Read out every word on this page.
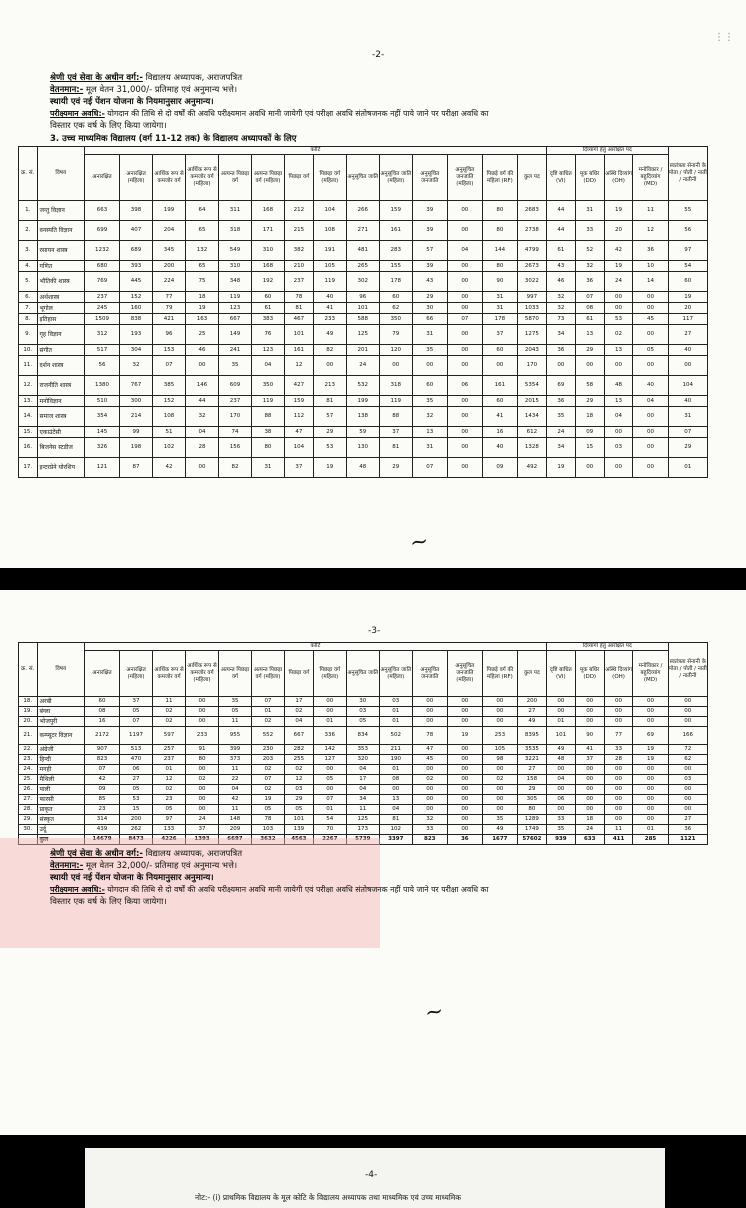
-2-
⋮⋮
श्रेणी एवं सेवा के अधीन वर्ग:- विद्यालय अध्यापक, अराजपत्रित
वेतनमान:- मूल वेतन 31,000/- प्रतिमाह एवं अनुमान्य भत्ते।
स्थायी एवं नई पेंशन योजना के नियमानुसार अनुमान्य।
परीक्ष्यमान अवधि:- योगदान की तिथि से दो वर्षों की अवधि परीक्ष्यमान अवधि मानी जायेगी एवं परीक्षा अवधि संतोषजनक नहीं पाये जाने पर परीक्षा अवधि का
विस्तार एक वर्ष के लिए किया जायेगा।
3. उच्च माध्यमिक विद्यालय (वर्ग 11-12 तक) के विद्यालय अध्यापकों के लिए
क्र. सं.	विषय	कोटि														दिव्यांगों हेतु आरक्षित पद				स्वतंत्रता सेनानी के पोता / पोती / नाती / नातीनी
		अनारक्षित	अनारक्षित (महिला)	आर्थिक रूप से कमजोर वर्ग	आर्थिक रूप से कमजोर वर्ग (महिला)	अत्यन्त पिछड़ा वर्ग	अत्यन्त पिछड़ा वर्ग (महिला)	पिछड़ा वर्ग	पिछड़ा वर्ग (महिला)	अनुसूचित जाति	अनुसूचित जाति (महिला)	अनुसूचित जनजाति	अनुसूचित जनजाति (महिला)	पिछड़े वर्ग की महिला (RF)	कुल पद	दृष्टि बाधित (VI)	मूक बधिर (DD)	अस्थि दिव्यांग (OH)	मनोविकार / बहुदिव्यांग (MD)	
1.	जन्तु विज्ञान	663	398	199	64	311	168	212	104	266	159	39	00	80	2683	44	31	19	11	55
2.	वनस्पति विज्ञान	699	407	204	65	318	171	215	108	271	161	39	00	80	2738	44	33	20	12	56
3.	रसायन शास्त्र	1232	689	345	132	549	310	382	191	481	283	57	04	144	4799	61	52	42	36	97
4.	गणित	680	393	200	65	310	168	210	105	265	155	39	00	80	2673	43	32	19	10	54
5.	भौतिकी शास्त्र	769	445	224	75	348	192	237	119	302	178	43	00	90	3022	46	36	24	14	60
6.	अर्थशास्त्र	237	152	77	18	119	60	78	40	96	60	29	00	31	997	32	07	00	00	19
7.	भूगोल	245	160	79	19	123	61	81	41	101	62	30	00	31	1033	32	08	00	00	20
8.	इतिहास	1509	838	421	163	667	383	467	233	588	350	66	07	178	5870	73	61	53	45	117
9.	गृह विज्ञान	312	193	96	25	149	76	101	49	125	79	31	00	37	1275	34	13	02	00	27
10.	संगीत	517	304	153	46	241	123	161	82	201	120	35	00	60	2043	36	29	13	05	40
11.	दर्शन शास्त्र	56	32	07	00	35	04	12	00	24	00	00	00	00	170	00	00	00	00	00
12.	राजनीति शास्त्र	1380	767	385	146	609	350	427	213	532	318	60	06	161	5354	69	58	48	40	104
13.	मनोविज्ञान	510	300	152	44	237	119	159	81	199	119	35	00	60	2015	36	29	13	04	40
14.	समाज शास्त्र	354	214	108	32	170	88	112	57	138	88	32	00	41	1434	35	18	04	00	31
15.	एकाउंटेंसी	145	99	51	04	74	38	47	29	59	37	13	00	16	612	24	09	00	00	07
16.	बिजनेस स्टडीज	326	198	102	28	156	80	104	53	130	81	31	00	40	1328	34	15	03	00	29
17.	इन्टरप्रेने योरशिप	121	87	42	00	82	31	37	19	48	29	07	00	09	492	19	00	00	00	01
~
-3-
क्र. सं.	विषय	कोटि														दिव्यांगों हेतु आरक्षित पद				स्वतंत्रता सेनानी के पोता / पोती / नाती / नातीनी
		अनारक्षित	अनारक्षित (महिला)	आर्थिक रूप से कमजोर वर्ग	आर्थिक रूप से कमजोर वर्ग (महिला)	अत्यन्त पिछड़ा वर्ग	अत्यन्त पिछड़ा वर्ग (महिला)	पिछड़ा वर्ग	पिछड़ा वर्ग (महिला)	अनुसूचित जाति	अनुसूचित जाति (महिला)	अनुसूचित जनजाति	अनुसूचित जनजाति (महिला)	पिछड़े वर्ग की महिला (RF)	कुल पद	दृष्टि बाधित (VI)	मूक बधिर (DD)	अस्थि दिव्यांग (OH)	मनोविकार / बहुदिव्यांग (MD)	
18.	अरबी	60	37	11	00	35	07	17	00	30	03	00	00	00	200	00	00	00	00	00
19.	बंग्ला	08	05	02	00	05	01	02	00	03	01	00	00	00	27	00	00	00	00	00
20.	भोजपुरी	16	07	02	00	11	02	04	01	05	01	00	00	00	49	01	00	00	00	00
21.	कम्प्यूटर विज्ञान	2172	1197	597	233	955	552	667	336	834	502	78	19	253	8395	101	90	77	69	166
22.	अंग्रेजी	907	513	257	91	399	230	282	142	353	211	47	00	105	3535	49	41	33	19	72
23.	हिन्दी	823	470	237	80	373	203	255	127	320	190	45	00	98	3221	48	37	28	19	62
24.	मगही	07	06	01	00	11	02	02	00	04	01	00	00	00	27	00	00	00	00	00
25.	मैथिली	42	27	12	02	22	07	12	05	17	08	02	00	02	158	04	00	00	00	03
26.	पाली	09	05	02	00	04	02	03	00	04	00	00	00	00	29	00	00	00	00	00
27.	फारसी	85	53	23	00	42	19	29	07	34	13	00	00	00	305	06	00	00	00	00
28.	प्राकृत	23	15	05	00	11	05	05	01	11	04	00	00	00	80	00	00	00	00	00
29.	संस्कृत	314	200	97	24	148	78	101	54	125	81	32	00	35	1289	33	18	00	00	27
30.	उर्दू	439	262	133	37	209	103	139	70	173	102	33	00	49	1749	35	24	11	01	36
	कुल	14679	8473	4226	1393	6697	3632	4563	2267	5739	3397	823	36	1677	57602	939	633	411	285	1121
~
श्रेणी एवं सेवा के अधीन वर्ग:- विद्यालय अध्यापक, अराजपत्रित
वेतनमान:- मूल वेतन 32,000/- प्रतिमाह एवं अनुमान्य भत्ते।
स्थायी एवं नई पेंशन योजना के नियमानुसार अनुमान्य।
परीक्ष्यमान अवधि:- योगदान की तिथि से दो वर्षों की अवधि परीक्ष्यमान अवधि मानी जायेगी एवं परीक्षा अवधि संतोषजनक नहीं पाये जाने पर परीक्षा अवधि का
विस्तार एक वर्ष के लिए किया जायेगा।
-4-
नोट:- (i) प्राथमिक विद्यालय के मूल कोटि के विद्यालय अध्यापक तथा माध्यमिक एवं उच्च माध्यमिक
